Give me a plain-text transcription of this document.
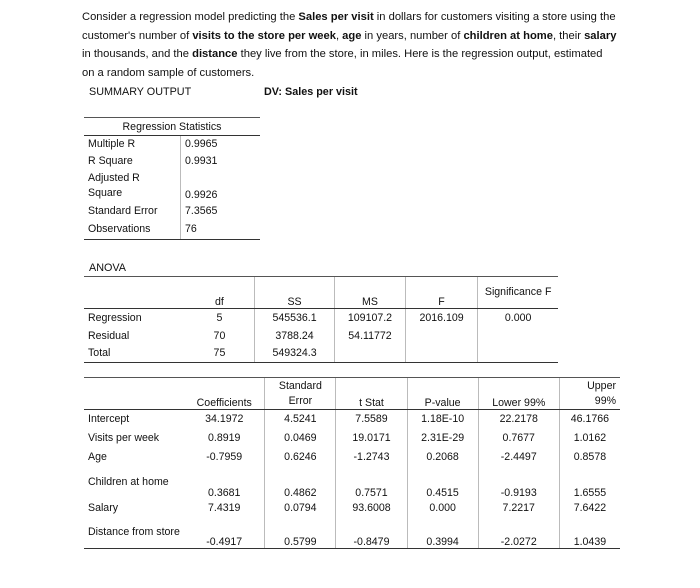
Consider a regression model predicting the Sales per visit in dollars for customers visiting a store using the customer's number of visits to the store per week, age in years, number of children at home, their salary in thousands, and the distance they live from the store, in miles. Here is the regression output, estimated on a random sample of customers.
SUMMARY OUTPUT	DV: Sales per visit
Regression Statistics	
Multiple R	0.9965
R Square	0.9931
Adjusted R Square	0.9926
Standard Error	7.3565
Observations	76
ANOVA
	df	SS	MS	F	Significance F
Regression	5	545536.1	109107.2	2016.109	0.000
Residual	70	3788.24	54.11772		
Total	75	549324.3			
	Coefficients	Standard Error	t Stat	P-value	Lower 99%	Upper 99%
Intercept	34.1972	4.5241	7.5589	1.18E-10	22.2178	46.1766
Visits per week	0.8919	0.0469	19.0171	2.31E-29	0.7677	1.0162
Age	-0.7959	0.6246	-1.2743	0.2068	-2.4497	0.8578
Children at home	0.3681	0.4862	0.7571	0.4515	-0.9193	1.6555
Salary	7.4319	0.0794	93.6008	0.000	7.2217	7.6422
Distance from store	-0.4917	0.5799	-0.8479	0.3994	-2.0272	1.0439
